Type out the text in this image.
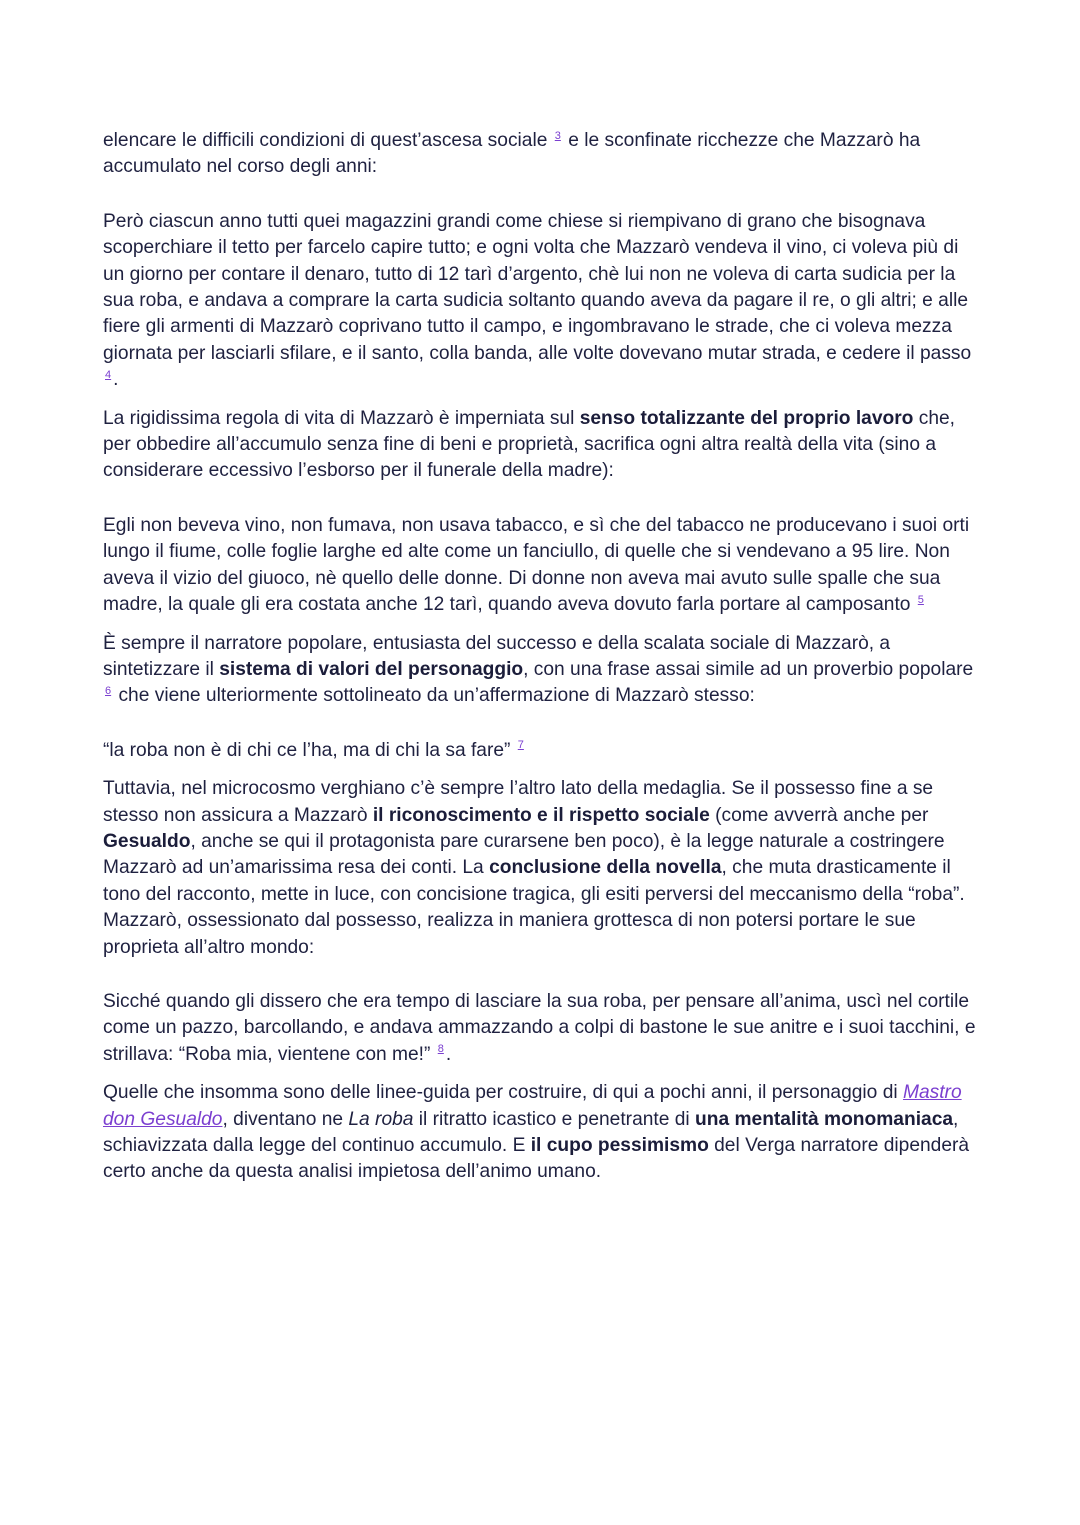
elencare le difficili condizioni di quest’ascesa sociale $^3$ e le sconfinate ricchezze che Mazzarò ha accumulato nel corso degli anni:

Però ciascun anno tutti quei magazzini grandi come chiese si riempivano di grano che bisognava scoperchiare il tetto per farcelo capire tutto; e ogni volta che Mazzarò vendeva il vino, ci voleva più di un giorno per contare il denaro, tutto di 12 tarì d’argento, chè lui non ne voleva di carta sudicia per la sua roba, e andava a comprare la carta sudicia soltanto quando aveva da pagare il re, o gli altri; e alle fiere gli armenti di Mazzarò coprivano tutto il campo, e ingombravano le strade, che ci voleva mezza giornata per lasciarli sfilare, e il santo, colla banda, alle volte dovevano mutar strada, e cedere il passo $^4$ .

La rigidissima regola di vita di Mazzarò è imperniata sul senso totalizzante del proprio lavoro che, per obbedire all’accumulo senza fine di beni e proprietà, sacrifica ogni altra realtà della vita (sino a considerare eccessivo l’esborso per il funerale della madre):

Egli non beveva vino, non fumava, non usava tabacco, e sì che del tabacco ne producevano i suoi orti lungo il fiume, colle foglie larghe ed alte come un fanciullo, di quelle che si vendevano a 95 lire. Non aveva il vizio del giuoco, nè quello delle donne. Di donne non aveva mai avuto sulle spalle che sua madre, la quale gli era costata anche 12 tarì, quando aveva dovuto farla portare al camposanto $^5$

È sempre il narratore popolare, entusiasta del successo e della scalata sociale di Mazzarò, a sintetizzare il sistema di valori del personaggio, con una frase assai simile ad un proverbio popolare $^6$ che viene ulteriormente sottolineato da un’affermazione di Mazzarò stesso:

“la roba non è di chi ce l’ha, ma di chi la sa fare” $^7$

Tuttavia, nel microcosmo verghiano c’è sempre l’altro lato della medaglia. Se il possesso fine a se stesso non assicura a Mazzarò il riconoscimento e il rispetto sociale (come avverrà anche per Gesualdo, anche se qui il protagonista pare curarsene ben poco), è la legge naturale a costringere Mazzarò ad un’amarissima resa dei conti. La conclusione della novella, che muta drasticamente il tono del racconto, mette in luce, con concisione tragica, gli esiti perversi del meccanismo della “roba”. Mazzarò, ossessionato dal possesso, realizza in maniera grottesca di non potersi portare le sue proprieta all’altro mondo:

Sicché quando gli dissero che era tempo di lasciare la sua roba, per pensare all’anima, uscì nel cortile come un pazzo, barcollando, e andava ammazzando a colpi di bastone le sue anitre e i suoi tacchini, e strillava: “Roba mia, vientene con me!” $^8$ .

Quelle che insomma sono delle linee-guida per costruire, di qui a pochi anni, il personaggio di Mastro don Gesualdo, diventano ne La roba il ritratto icastico e penetrante di una mentalità monomaniaca, schiavizzata dalla legge del continuo accumulo. E il cupo pessimismo del Verga narratore dipenderà certo anche da questa analisi impietosa dell’animo umano.
